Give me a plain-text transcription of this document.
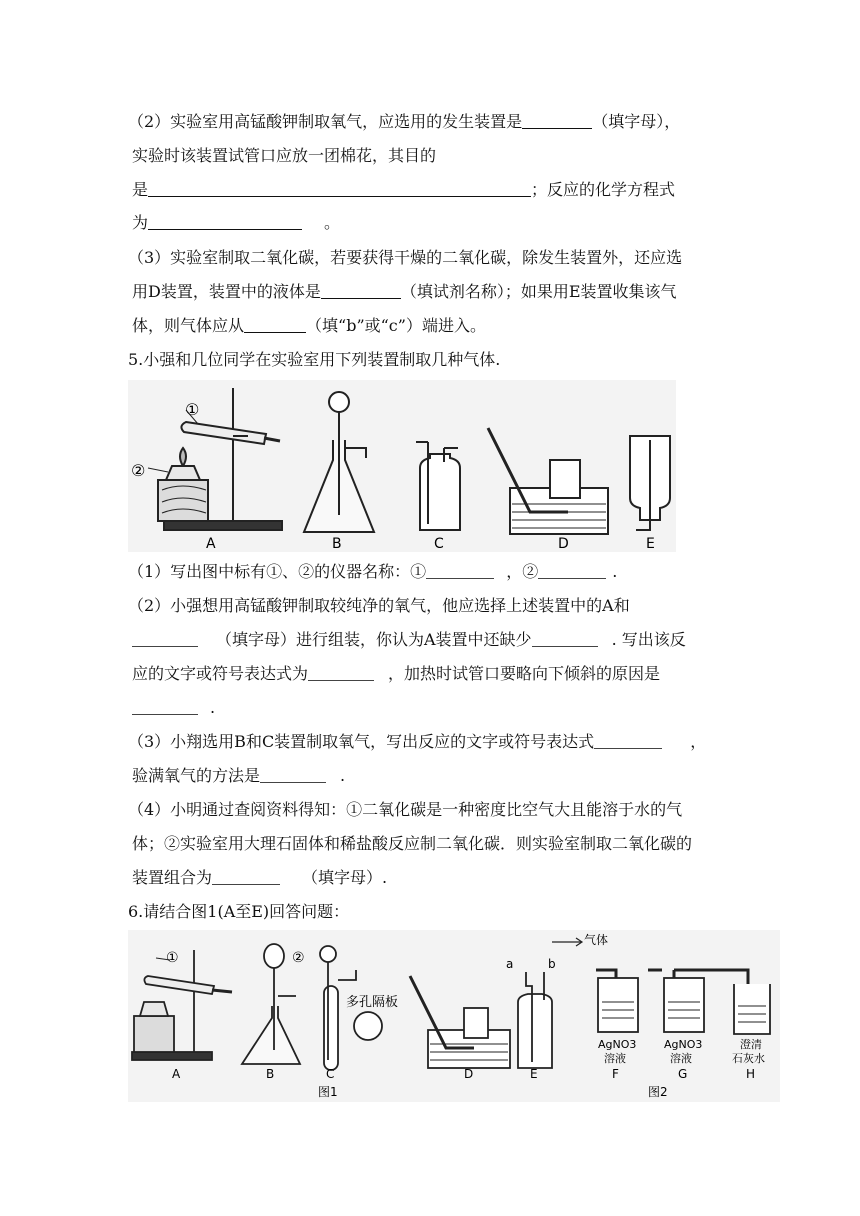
（2）实验室用高锰酸钾制取氧气，应选用的发生装置是	（填字母），
实验时该装置试管口应放一团棉花，其目的
是	；反应的化学方程式
为	。
（3）实验室制取二氧化碳，若要获得干燥的二氧化碳，除发生装置外，还应选
用D装置，装置中的液体是	（填试剂名称）；如果用E装置收集该气
体，则气体应从	（填“b”或“c”）端进入。
5.小强和几位同学在实验室用下列装置制取几种气体.
①
②
A	B	C	D	E
（1）写出图中标有①、②的仪器名称：①	，②	.
（2）小强想用高锰酸钾制取较纯净的氧气，他应选择上述装置中的A和
（填字母）进行组装，你认为A装置中还缺少	. 写出该反
应的文字或符号表达式为	，加热时试管口要略向下倾斜的原因是
.
（3）小翔选用B和C装置制取氧气，写出反应的文字或符号表达式	，
验满氧气的方法是	.
（4）小明通过查阅资料得知：①二氧化碳是一种密度比空气大且能溶于水的气
体；②实验室用大理石固体和稀盐酸反应制二氧化碳．则实验室制取二氧化碳的
装置组合为	（填字母）.
6.请结合图1(A至E)回答问题：
①	②
多孔隔板
气体
a	b
AgNO3
溶液
AgNO3
溶液
澄清
石灰水
A	B	C	D	E	F	G	H
图1	图2
